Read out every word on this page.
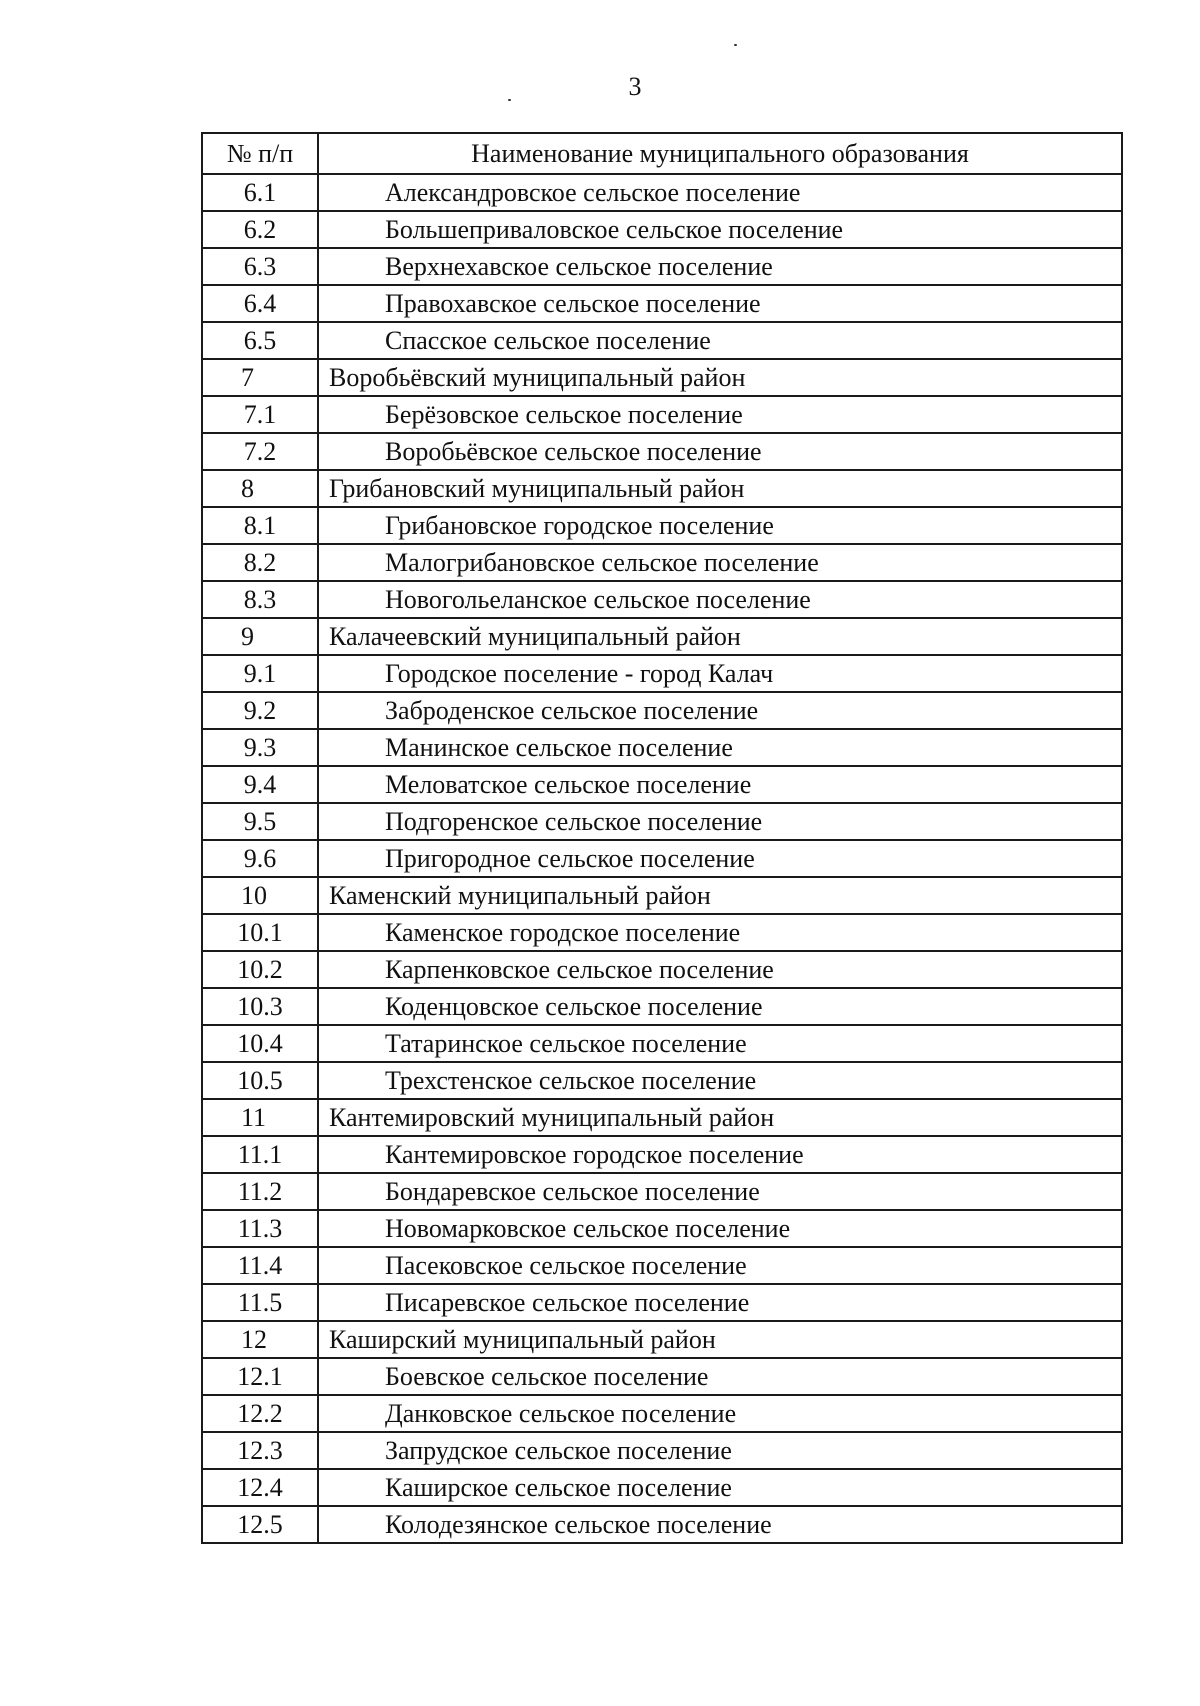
3
№ п/п	Наименование муниципального образования
6.1	Александровское сельское поселение
6.2	Большеприваловское сельское поселение
6.3	Верхнехавское сельское поселение
6.4	Правохавское сельское поселение
6.5	Спасское сельское поселение
7	Воробьёвский муниципальный район
7.1	Берёзовское сельское поселение
7.2	Воробьёвское сельское поселение
8	Грибановский муниципальный район
8.1	Грибановское городское поселение
8.2	Малогрибановское сельское поселение
8.3	Новогольеланское сельское поселение
9	Калачеевский муниципальный район
9.1	Городское поселение - город Калач
9.2	Заброденское сельское поселение
9.3	Манинское сельское поселение
9.4	Меловатское сельское поселение
9.5	Подгоренское сельское поселение
9.6	Пригородное сельское поселение
10	Каменский муниципальный район
10.1	Каменское городское поселение
10.2	Карпенковское сельское поселение
10.3	Коденцовское сельское поселение
10.4	Татаринское сельское поселение
10.5	Трехстенское сельское поселение
11	Кантемировский муниципальный район
11.1	Кантемировское городское поселение
11.2	Бондаревское сельское поселение
11.3	Новомарковское сельское поселение
11.4	Пасековское сельское поселение
11.5	Писаревское сельское поселение
12	Каширский муниципальный район
12.1	Боевское сельское поселение
12.2	Данковское сельское поселение
12.3	Запрудское сельское поселение
12.4	Каширское сельское поселение
12.5	Колодезянское сельское поселение
